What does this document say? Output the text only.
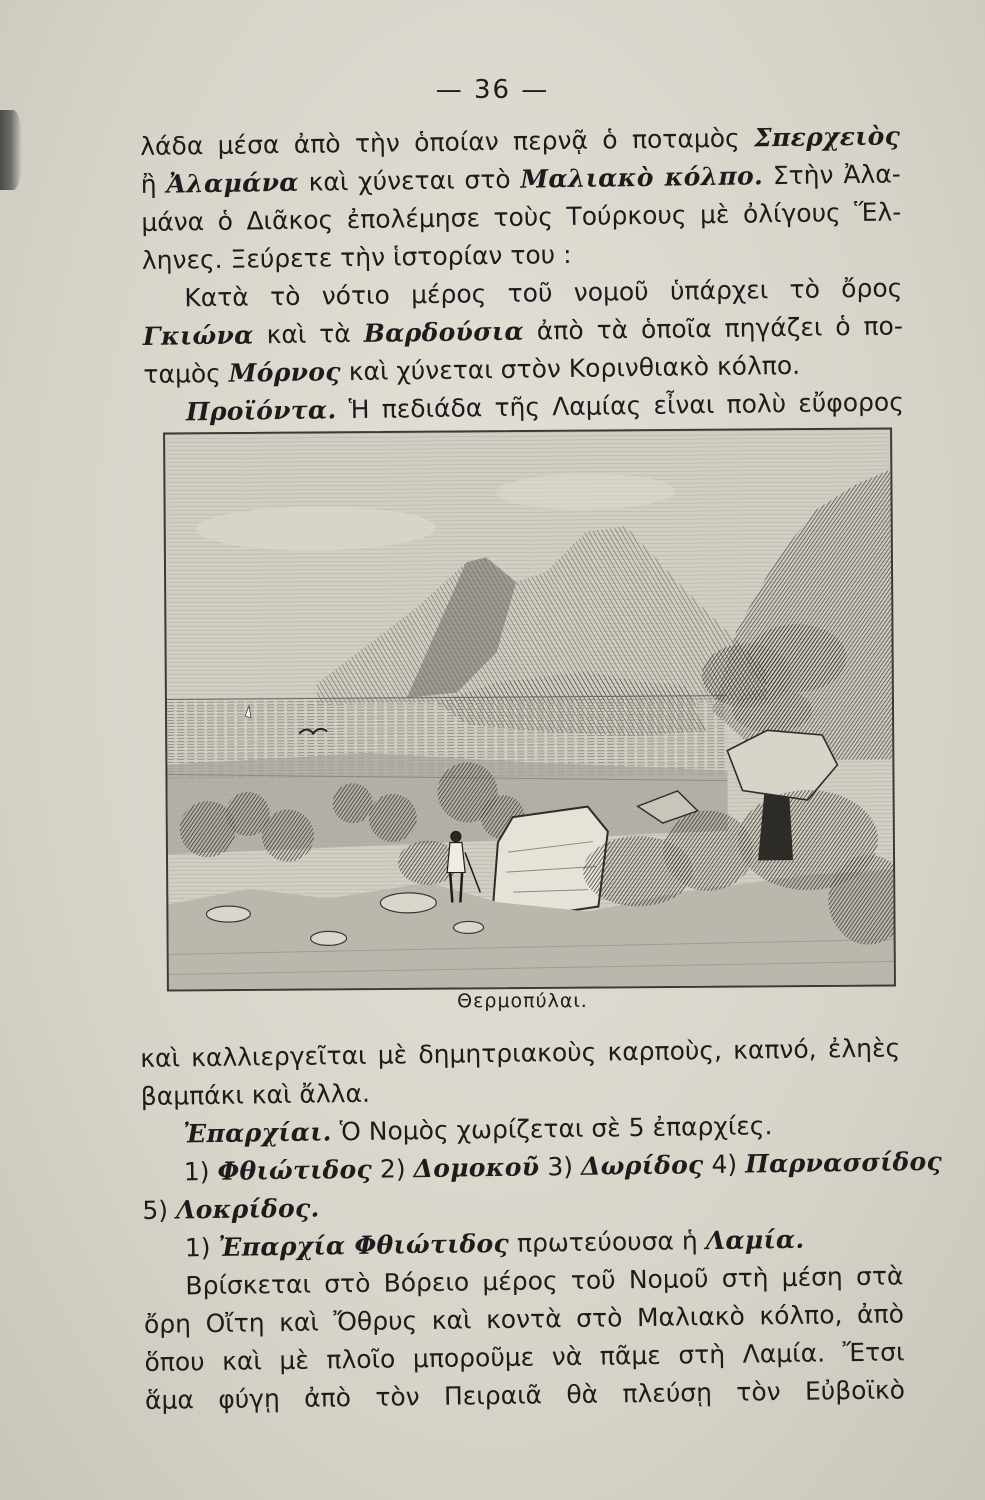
— 36 —
λάδα μέσα ἀπὸ τὴν ὁποίαν περνᾷ ὁ ποταμὸς Σπερχειὸς
ἢ Ἀλαμάνα καὶ χύνεται στὸ Μαλιακὸ κόλπο. Στὴν Ἀλα-
μάνα ὁ Διᾶκος ἐπολέμησε τοὺς Τούρκους μὲ ὀλίγους Ἕλ-
ληνες. Ξεύρετε τὴν ἱστορίαν του :
Κατὰ τὸ νότιο μέρος τοῦ νομοῦ ὑπάρχει τὸ ὄρος
Γκιώνα καὶ τὰ Βαρδούσια ἀπὸ τὰ ὁποῖα πηγάζει ὁ πο-
ταμὸς Μόρνος καὶ χύνεται στὸν Κορινθιακὸ κόλπο.
Προϊόντα. Ἡ πεδιάδα τῆς Λαμίας εἶναι πολὺ εὔφορος
Θερμοπύλαι.
καὶ καλλιεργεῖται μὲ δημητριακοὺς καρποὺς, καπνό, ἐληὲς
βαμπάκι καὶ ἄλλα.
Ἐπαρχίαι. Ὁ Νομὸς χωρίζεται σὲ 5 ἐπαρχίες.
1) Φθιώτιδος 2) Δομοκοῦ 3) Δωρίδος 4) Παρνασσίδος
5) Λοκρίδος.
1) Ἐπαρχία Φθιώτιδος πρωτεύουσα ἡ Λαμία.
Βρίσκεται στὸ Βόρειο μέρος τοῦ Νομοῦ στὴ μέση στὰ
ὄρη Οἴτη καὶ Ὄθρυς καὶ κοντὰ στὸ Μαλιακὸ κόλπο, ἀπὸ
ὅπου καὶ μὲ πλοῖο μποροῦμε νὰ πᾶμε στὴ Λαμία. Ἔτσι
ἅμα φύγῃ ἀπὸ τὸν Πειραιᾶ θὰ πλεύσῃ τὸν Εὐβοϊκὸ
